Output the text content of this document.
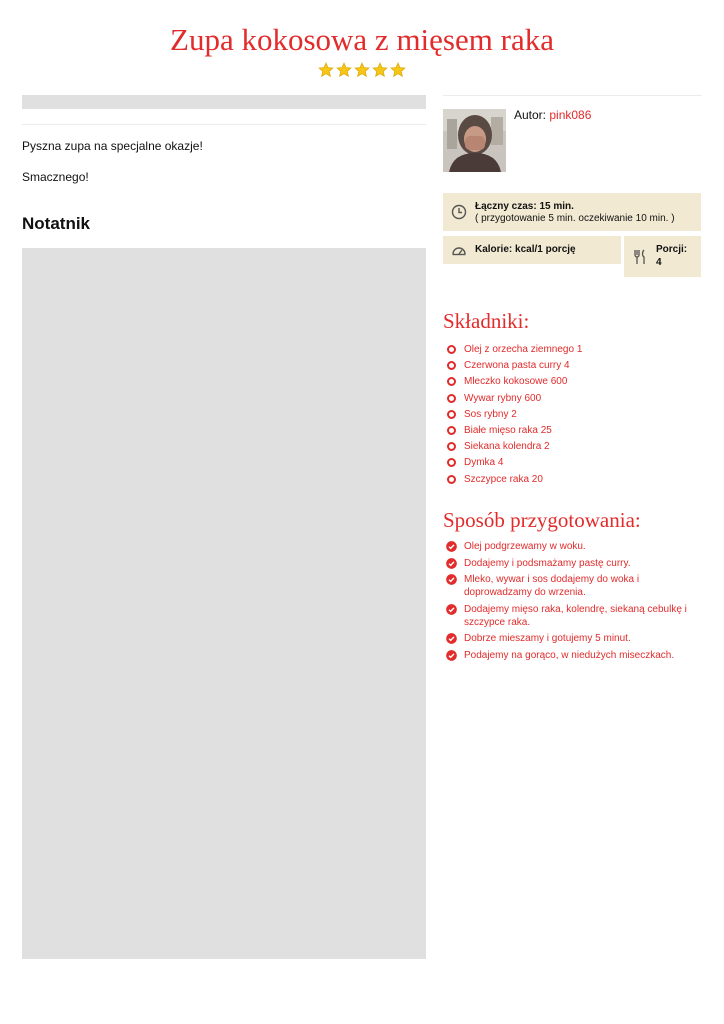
Zupa kokosowa z mięsem raka

Pyszna zupa na specjalne okazje!

Smacznego!

Notatnik
Autor: pink086
Łączny czas: 15 min.
( przygotowanie 5 min. oczekiwanie 10 min. )
Kalorie: kcal/1 porcję	Porcji:
4
Składniki:
Olej z orzecha ziemnego 1
Czerwona pasta curry 4
Mleczko kokosowe 600
Wywar rybny 600
Sos rybny 2
Białe mięso raka 25
Siekana kolendra 2
Dymka 4
Szczypce raka 20
Sposób przygotowania:
Olej podgrzewamy w woku.
Dodajemy i podsmażamy pastę curry.
Mleko, wywar i sos dodajemy do woka i doprowadzamy do wrzenia.
Dodajemy mięso raka, kolendrę, siekaną cebulkę i szczypce raka.
Dobrze mieszamy i gotujemy 5 minut.
Podajemy na gorąco, w niedużych miseczkach.
